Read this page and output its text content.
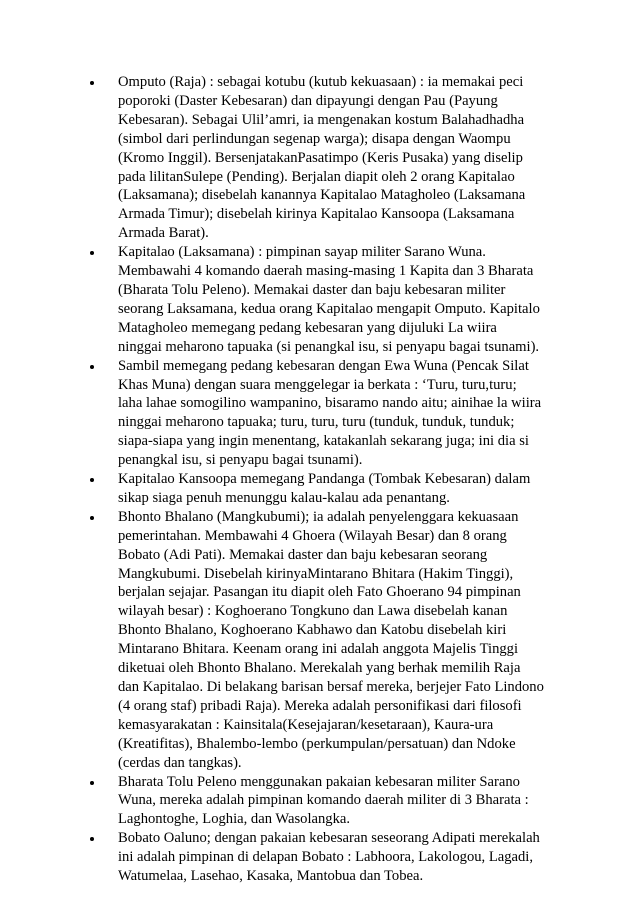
Omputo (Raja) : sebagai kotubu (kutub kekuasaan) : ia memakai peci poporoki (Daster Kebesaran) dan dipayungi dengan Pau (Payung Kebesaran). Sebagai Ulil’amri, ia mengenakan kostum Balahadhadha (simbol dari perlindungan segenap warga); disapa dengan Waompu (Kromo Inggil). BersenjatakanPasatimpo (Keris Pusaka) yang diselip pada lilitanSulepe (Pending). Berjalan diapit oleh 2 orang Kapitalao (Laksamana); disebelah kanannya Kapitalao Matagholeo (Laksamana Armada Timur); disebelah kirinya Kapitalao Kansoopa (Laksamana Armada Barat).
Kapitalao (Laksamana) : pimpinan sayap militer Sarano Wuna. Membawahi 4 komando daerah masing-masing 1 Kapita dan 3 Bharata (Bharata Tolu Peleno). Memakai daster dan baju kebesaran militer seorang Laksamana, kedua orang Kapitalao mengapit Omputo. Kapitalo Matagholeo memegang pedang kebesaran yang dijuluki La wiira ninggai meharono tapuaka (si penangkal isu, si penyapu bagai tsunami).
Sambil memegang pedang kebesaran dengan Ewa Wuna (Pencak Silat Khas Muna) dengan suara menggelegar ia berkata : ‘Turu, turu,turu; laha lahae somogilino wampanino, bisaramo nando aitu; ainihae la wiira ninggai meharono tapuaka; turu, turu, turu (tunduk, tunduk, tunduk; siapa-siapa yang ingin menentang, katakanlah sekarang juga; ini dia si penangkal isu, si penyapu bagai tsunami).
Kapitalao Kansoopa memegang Pandanga (Tombak Kebesaran) dalam sikap siaga penuh menunggu kalau-kalau ada penantang.
Bhonto Bhalano (Mangkubumi); ia adalah penyelenggara kekuasaan pemerintahan. Membawahi 4 Ghoera (Wilayah Besar) dan 8 orang Bobato (Adi Pati). Memakai daster dan baju kebesaran seorang Mangkubumi. Disebelah kirinyaMintarano Bhitara (Hakim Tinggi), berjalan sejajar. Pasangan itu diapit oleh Fato Ghoerano 94 pimpinan wilayah besar) : Koghoerano Tongkuno dan Lawa disebelah kanan Bhonto Bhalano, Koghoerano Kabhawo dan Katobu disebelah kiri Mintarano Bhitara. Keenam orang ini adalah anggota Majelis Tinggi diketuai oleh Bhonto Bhalano. Merekalah yang berhak memilih Raja dan Kapitalao. Di belakang barisan bersaf mereka, berjejer Fato Lindono (4 orang staf) pribadi Raja). Mereka adalah personifikasi dari filosofi kemasyarakatan : Kainsitala(Kesejajaran/kesetaraan), Kaura-ura (Kreatifitas), Bhalembo-lembo (perkumpulan/persatuan) dan Ndoke (cerdas dan tangkas).
Bharata Tolu Peleno menggunakan pakaian kebesaran militer Sarano Wuna, mereka adalah pimpinan komando daerah militer di 3 Bharata : Laghontoghe, Loghia, dan Wasolangka.
Bobato Oaluno; dengan pakaian kebesaran seseorang Adipati merekalah ini adalah pimpinan di delapan Bobato : Labhoora, Lakologou, Lagadi, Watumelaa, Lasehao, Kasaka, Mantobua dan Tobea.
